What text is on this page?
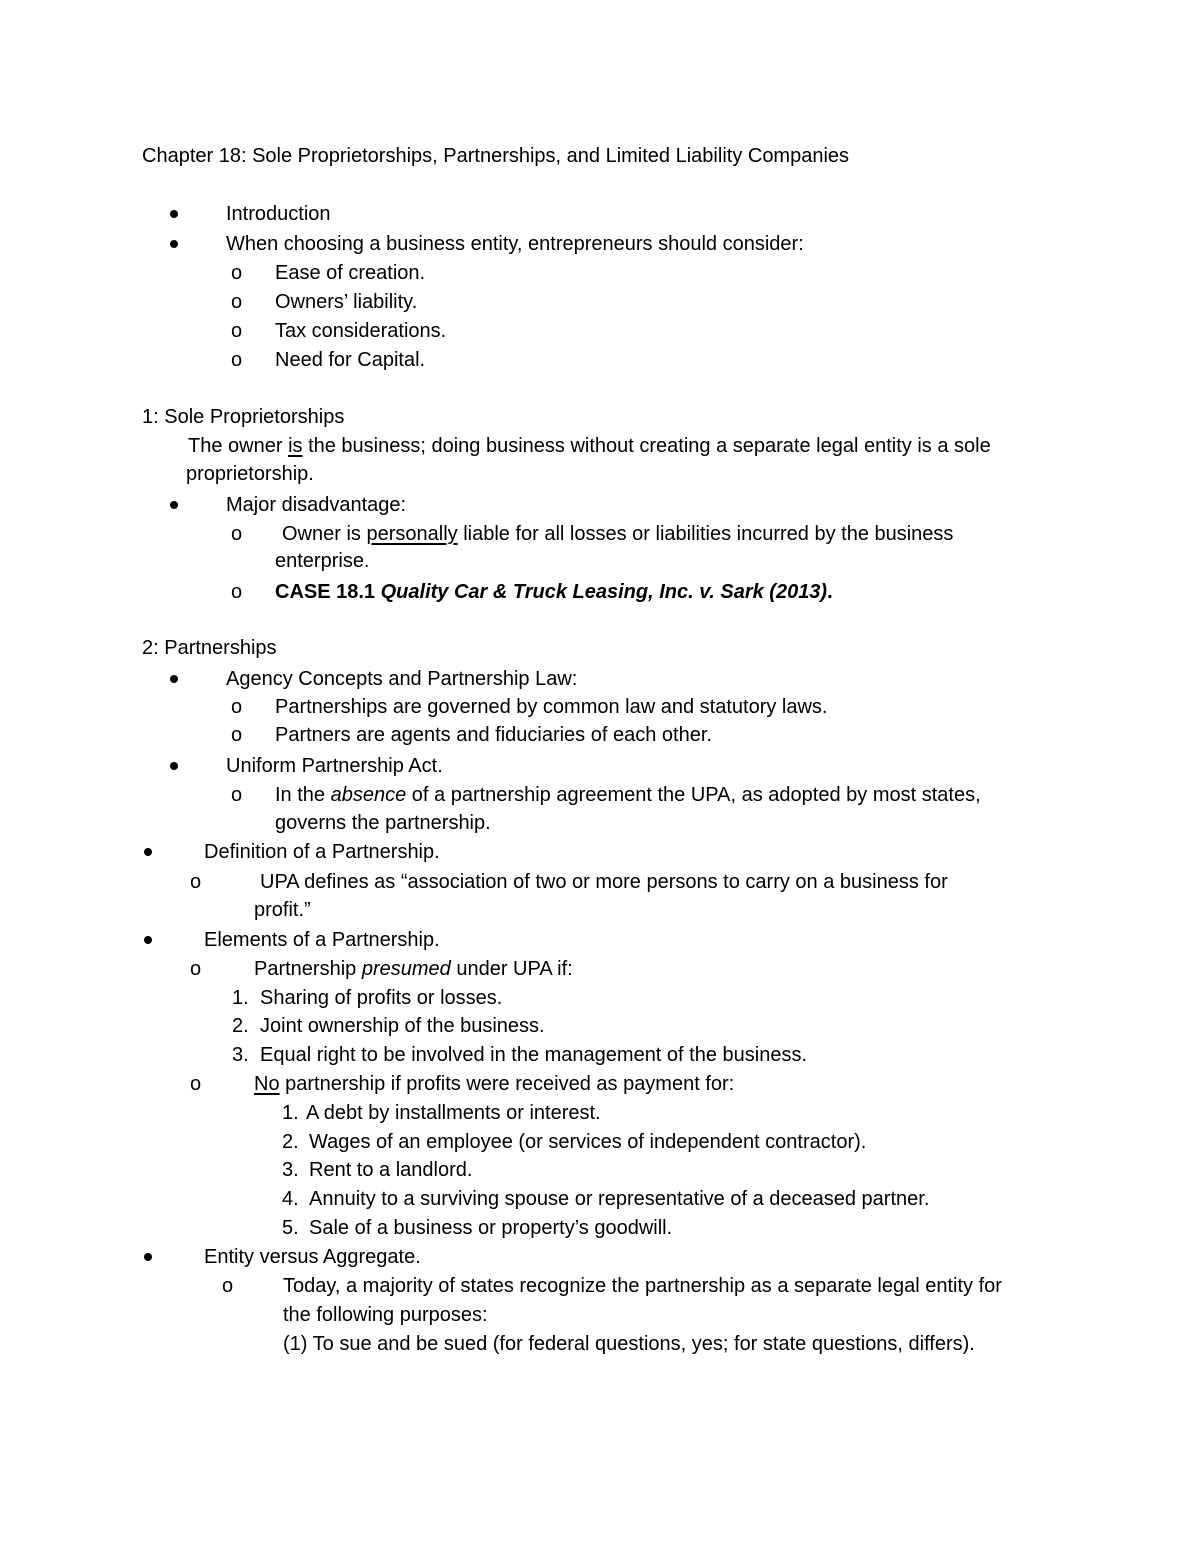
Chapter 18: Sole Proprietorships, Partnerships, and Limited Liability Companies
Introduction
When choosing a business entity, entrepreneurs should consider:
o Ease of creation.
o Owners’ liability.
o Tax considerations.
o Need for Capital.
1: Sole Proprietorships
The owner is the business; doing business without creating a separate legal entity is a sole
proprietorship.
Major disadvantage:
o Owner is personally liable for all losses or liabilities incurred by the business
enterprise.
o CASE 18.1 Quality Car & Truck Leasing, Inc. v. Sark (2013).
2: Partnerships
Agency Concepts and Partnership Law:
o Partnerships are governed by common law and statutory laws.
o Partners are agents and fiduciaries of each other.
Uniform Partnership Act.
o In the absence of a partnership agreement the UPA, as adopted by most states,
governs the partnership.
Definition of a Partnership.
o	UPA defines as “association of two or more persons to carry on a business for
profit.”
Elements of a Partnership.
o	Partnership presumed under UPA if:
1. Sharing of profits or losses.
2. Joint ownership of the business.
3. Equal right to be involved in the management of the business.
o	No partnership if profits were received as payment for:
1. A debt by installments or interest.
2. Wages of an employee (or services of independent contractor).
3. Rent to a landlord.
4. Annuity to a surviving spouse or representative of a deceased partner.
5. Sale of a business or property’s goodwill.
Entity versus Aggregate.
o Today, a majority of states recognize the partnership as a separate legal entity for
the following purposes:
(1) To sue and be sued (for federal questions, yes; for state questions, differs).
